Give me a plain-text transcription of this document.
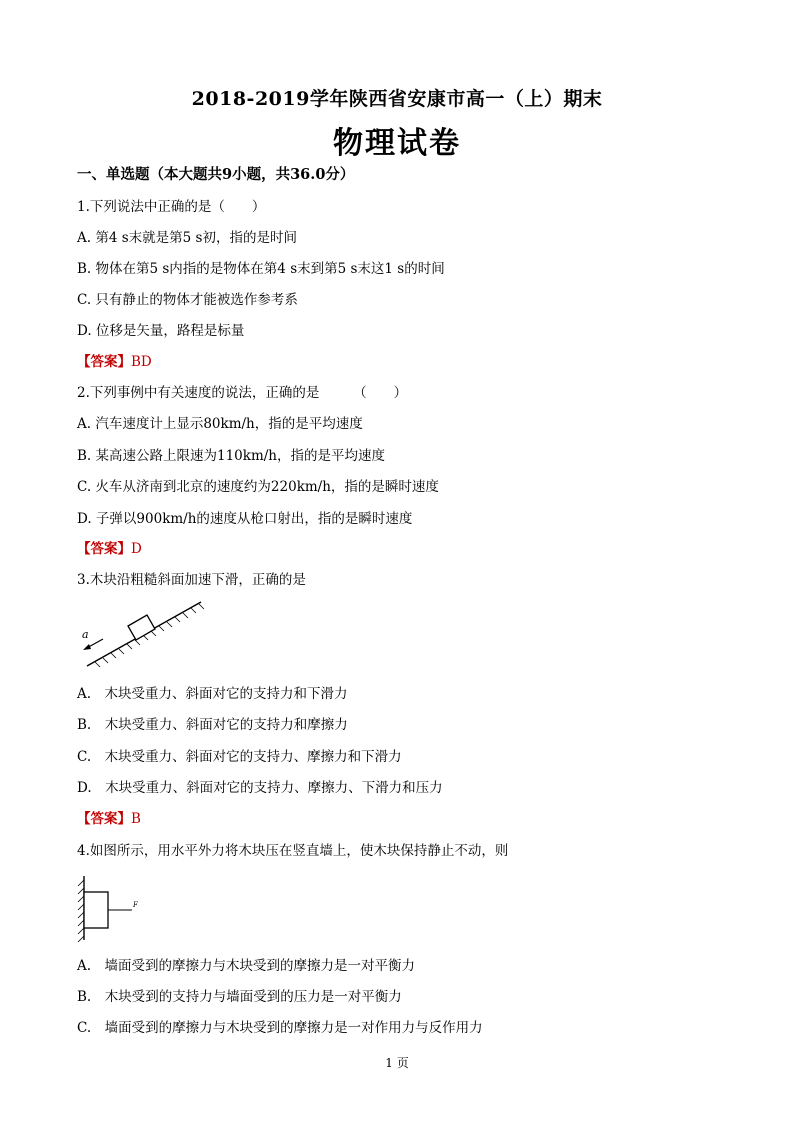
2018-2019学年陕西省安康市高一（上）期末
物理试卷
一、单选题（本大题共9小题，共36.0分）
1.下列说法中正确的是（　　）
A. 第4 s末就是第5 s初，指的是时间
B. 物体在第5 s内指的是物体在第4 s末到第5 s末这1 s的时间
C. 只有静止的物体才能被选作参考系
D. 位移是矢量，路程是标量
【答案】BD
2.下列事例中有关速度的说法，正确的是　　　（　　）
A. 汽车速度计上显示80km/h，指的是平均速度
B. 某高速公路上限速为110km/h，指的是平均速度
C. 火车从济南到北京的速度约为220km/h，指的是瞬时速度
D. 子弹以900km/h的速度从枪口射出，指的是瞬时速度
【答案】D
3.木块沿粗糙斜面加速下滑，正确的是
a
A.　木块受重力、斜面对它的支持力和下滑力
B.　木块受重力、斜面对它的支持力和摩擦力
C.　木块受重力、斜面对它的支持力、摩擦力和下滑力
D.　木块受重力、斜面对它的支持力、摩擦力、下滑力和压力
【答案】B
4.如图所示，用水平外力将木块压在竖直墙上，使木块保持静止不动，则
F
A.　墙面受到的摩擦力与木块受到的摩擦力是一对平衡力
B.　木块受到的支持力与墙面受到的压力是一对平衡力
C.　墙面受到的摩擦力与木块受到的摩擦力是一对作用力与反作用力
1 页
